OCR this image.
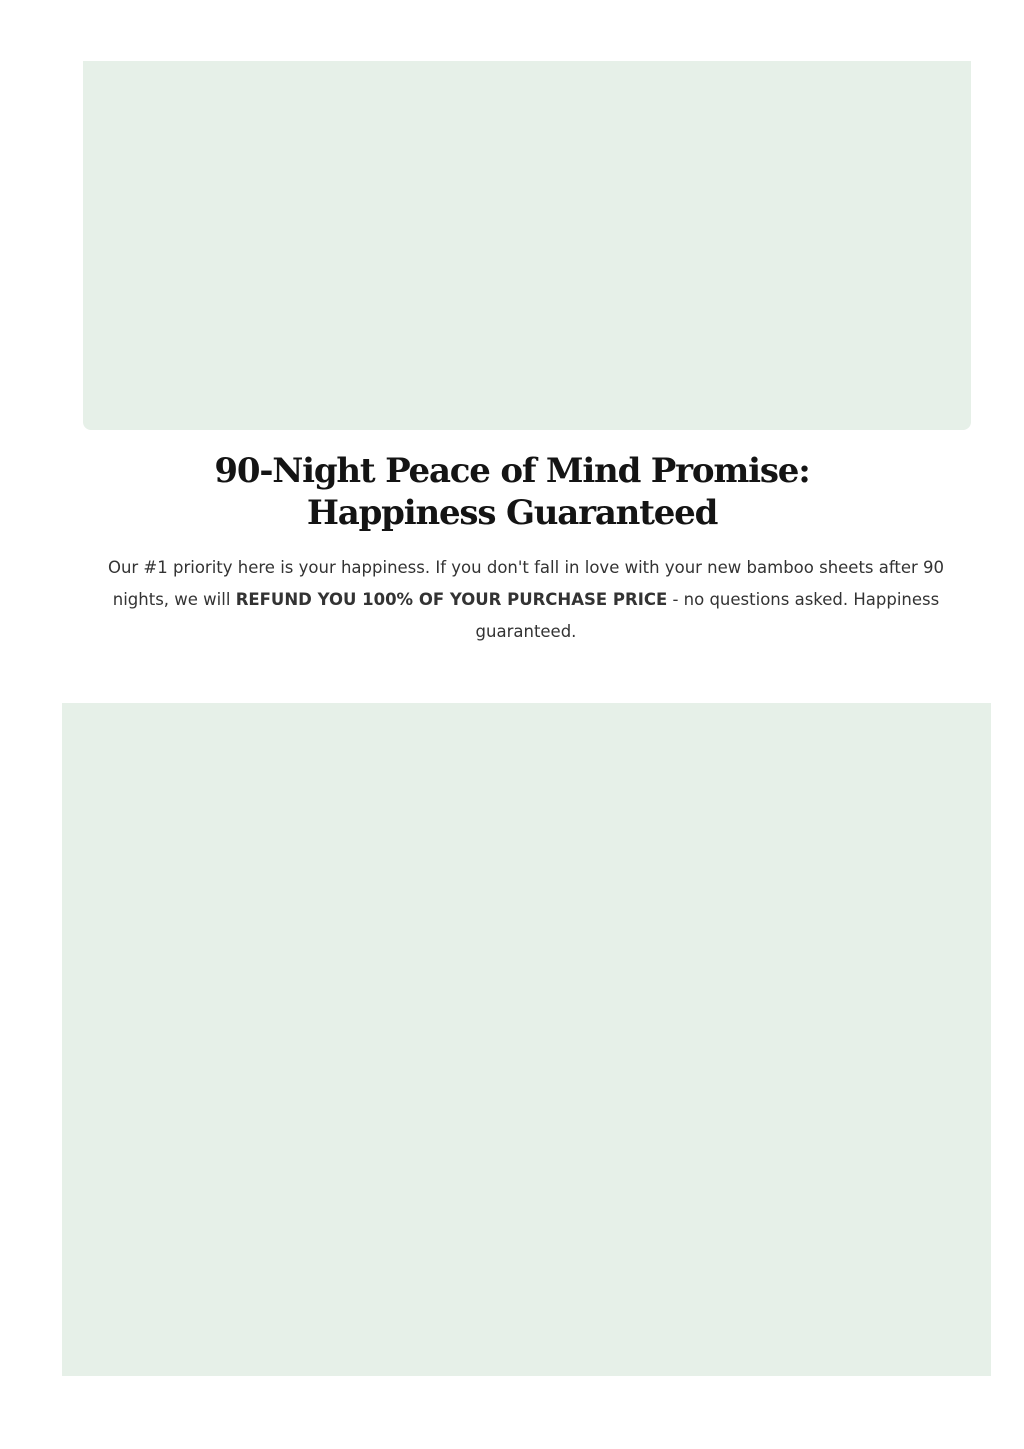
90-Night Peace of Mind Promise: Happiness Guaranteed

Our #1 priority here is your happiness. If you don't fall in love with your new bamboo sheets after 90 nights, we will REFUND YOU 100% OF YOUR PURCHASE PRICE - no questions asked. Happiness guaranteed.
